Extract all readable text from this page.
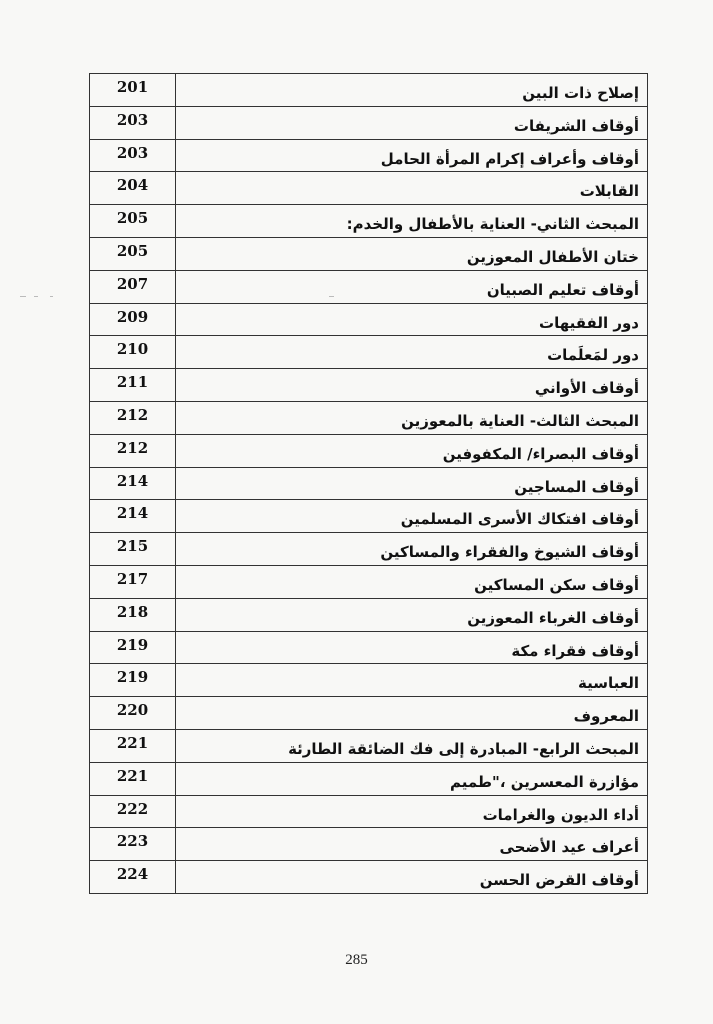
201	إصلاح ذات البين
203	أوقاف الشريفات
203	أوقاف وأعراف إكرام المرأة الحامل
204	القابلات
205	المبحث الثاني- العناية بالأطفال والخدم:
205	ختان الأطفال المعوزين
207	أوقاف تعليم الصبيان
209	دور الفقيهات
210	دور لمَعلَمات
211	أوقاف الأواني
212	المبحث الثالث- العناية بالمعوزين
212	أوقاف البصراء/ المكفوفين
214	أوقاف المساجين
214	أوقاف افتكاك الأسرى المسلمين
215	أوقاف الشيوخ والفقراء والمساكين
217	أوقاف سكن المساكين
218	أوقاف الغرباء المعوزين
219	أوقاف فقراء مكة
219	العباسية
220	المعروف
221	المبحث الرابع- المبادرة إلى فك الضائقة الطارئة
221	مؤازرة المعسرين ،"طميم
222	أداء الديون والغرامات
223	أعراف عيد الأضحى
224	أوقاف القرض الحسن
285
